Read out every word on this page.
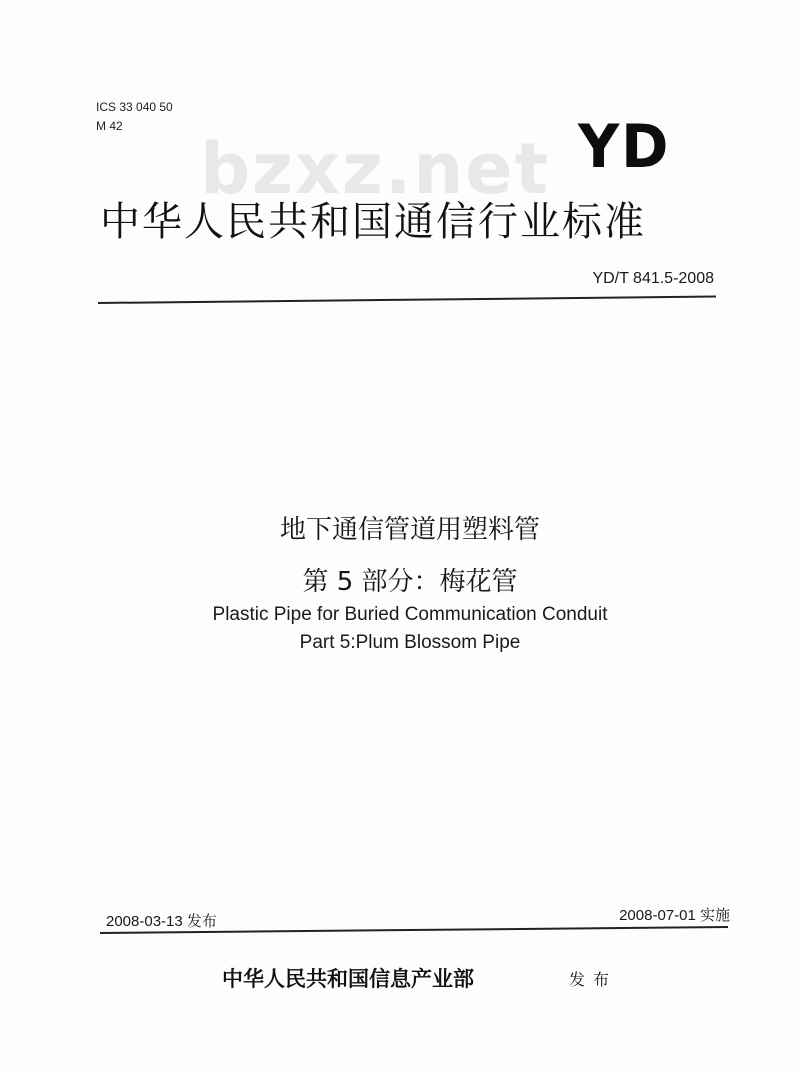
ICS 33 040 50
M 42
bzxz.net YD
中华人民共和国通信行业标准
YD/T 841.5-2008
地下通信管道用塑料管
第 5 部分：梅花管
Plastic Pipe for Buried Communication Conduit
Part 5:Plum Blossom Pipe
2008-03-13 发布	2008-07-01 实施
中华人民共和国信息产业部	发布
